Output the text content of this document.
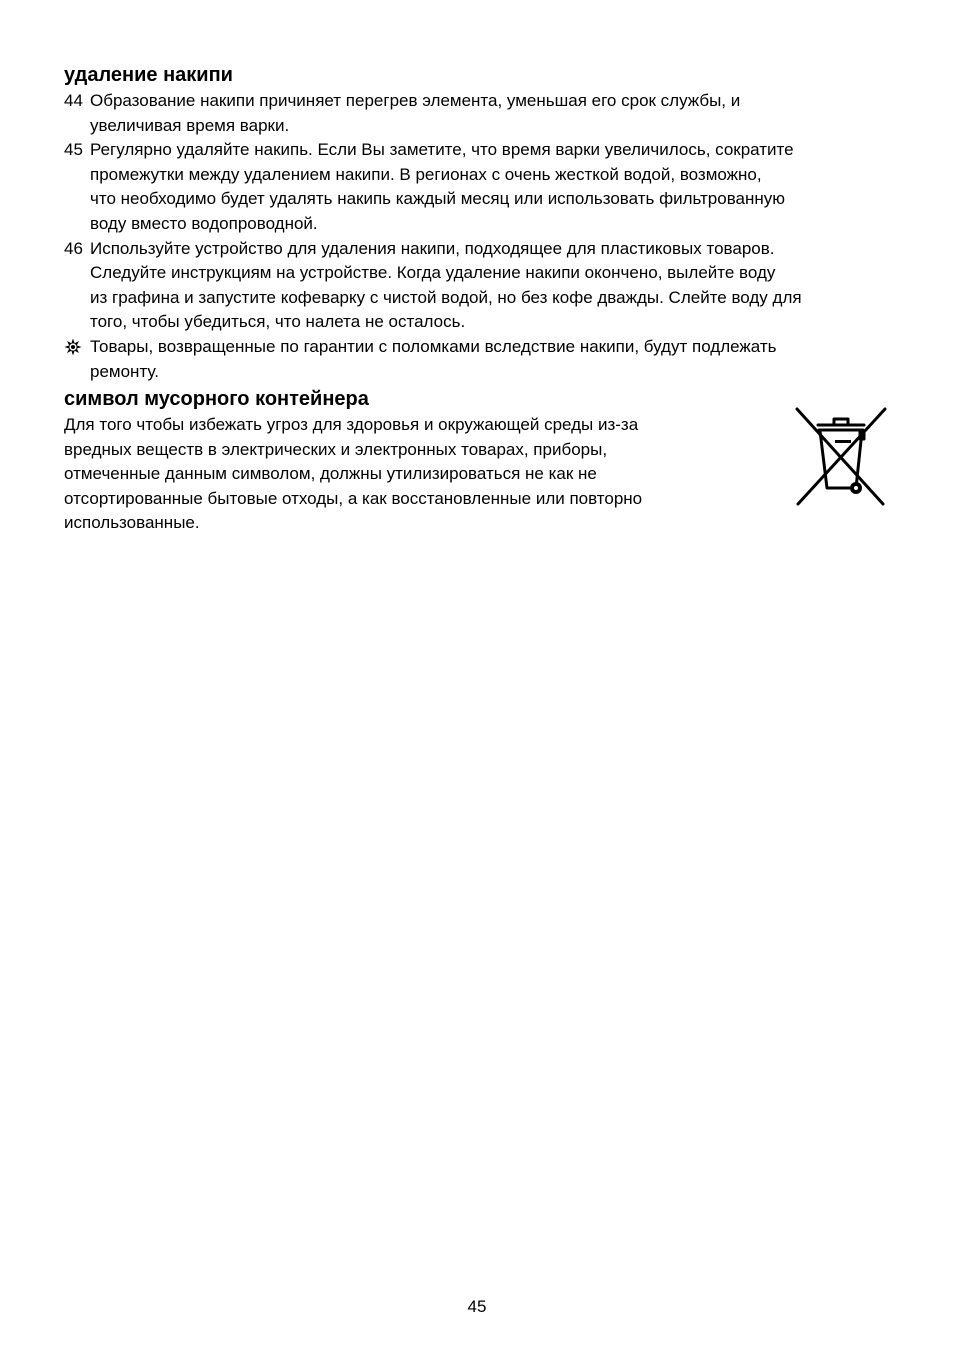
удаление накипи
44 Образование накипи причиняет перегрев элемента, уменьшая его срок службы, и
увеличивая время варки.
45 Регулярно удаляйте накипь. Если Вы заметите, что время варки увеличилось, сократите
промежутки между удалением накипи. В регионах с очень жесткой водой, возможно,
что необходимо будет удалять накипь каждый месяц или использовать фильтрованную
воду вместо водопроводной.
46 Используйте устройство для удаления накипи, подходящее для пластиковых товаров.
Следуйте инструкциям на устройстве. Когда удаление накипи окончено, вылейте воду
из графина и запустите кофеварку с чистой водой, но без кофе дважды. Слейте воду для
того, чтобы убедиться, что налета не осталось.
Товары, возвращенные по гарантии с поломками вследствие накипи, будут подлежать
ремонту.
символ мусорного контейнера

Для того чтобы избежать угроз для здоровья и окружающей среды из-за
вредных веществ в электрических и электронных товарах, приборы,
отмеченные данным символом, должны утилизироваться не как не
отсортированные бытовые отходы, а как восстановленные или повторно
использованные.

45
